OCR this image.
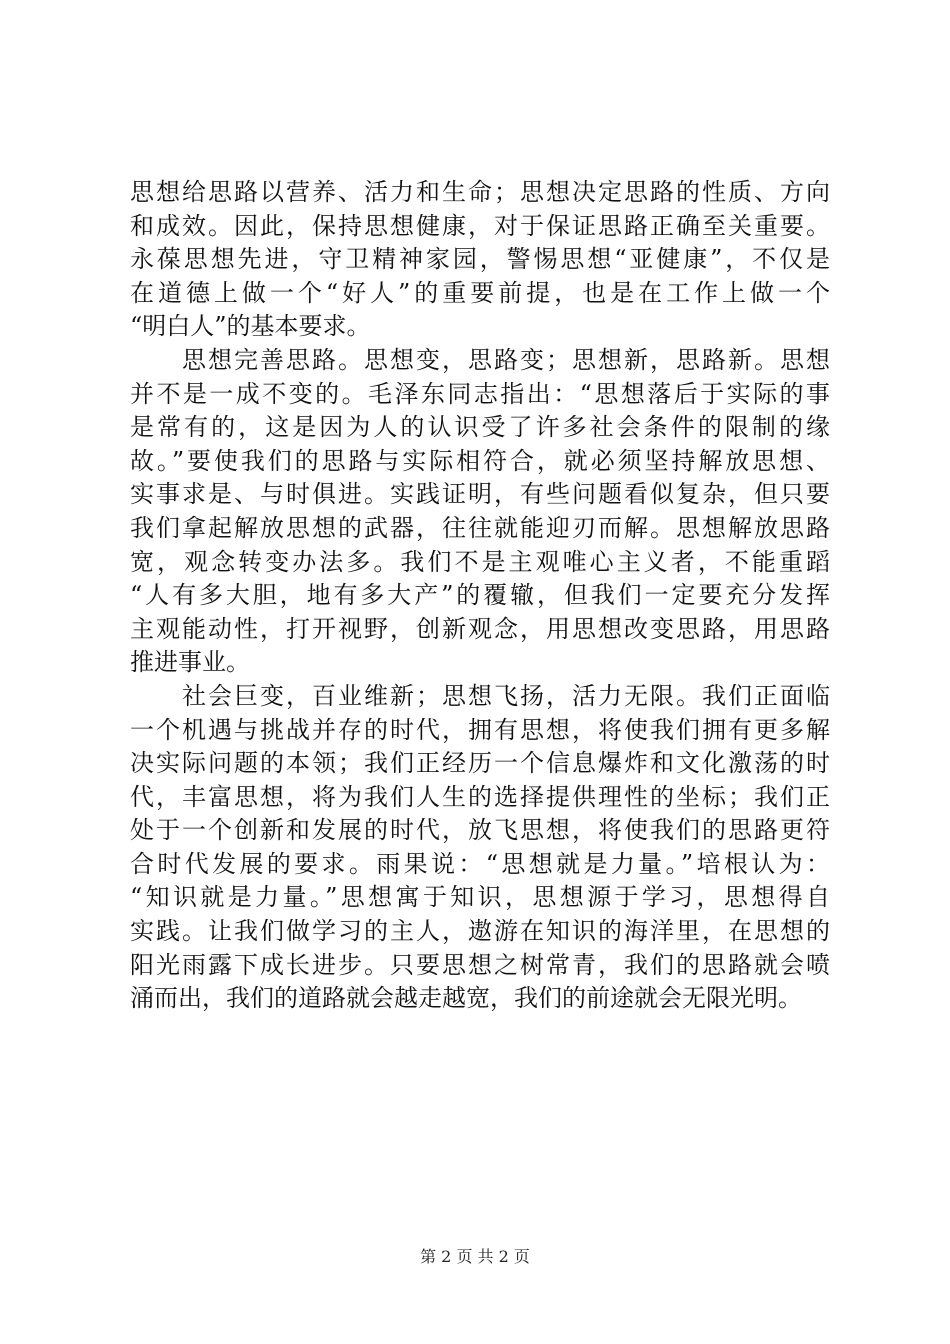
思想给思路以营养、活力和生命；思想决定思路的性质、方向
和成效。因此，保持思想健康，对于保证思路正确至关重要。
永葆思想先进，守卫精神家园，警惕思想“亚健康”，不仅是
在道德上做一个“好人”的重要前提，也是在工作上做一个
“明白人”的基本要求。
　　思想完善思路。思想变，思路变；思想新，思路新。思想
并不是一成不变的。毛泽东同志指出：“思想落后于实际的事
是常有的，这是因为人的认识受了许多社会条件的限制的缘
故。”要使我们的思路与实际相符合，就必须坚持解放思想、
实事求是、与时俱进。实践证明，有些问题看似复杂，但只要
我们拿起解放思想的武器，往往就能迎刃而解。思想解放思路
宽，观念转变办法多。我们不是主观唯心主义者，不能重蹈
“人有多大胆，地有多大产”的覆辙，但我们一定要充分发挥
主观能动性，打开视野，创新观念，用思想改变思路，用思路
推进事业。
　　社会巨变，百业维新；思想飞扬，活力无限。我们正面临
一个机遇与挑战并存的时代，拥有思想，将使我们拥有更多解
决实际问题的本领；我们正经历一个信息爆炸和文化激荡的时
代，丰富思想，将为我们人生的选择提供理性的坐标；我们正
处于一个创新和发展的时代，放飞思想，将使我们的思路更符
合时代发展的要求。雨果说：“思想就是力量。”培根认为：
“知识就是力量。”思想寓于知识，思想源于学习，思想得自
实践。让我们做学习的主人，遨游在知识的海洋里，在思想的
阳光雨露下成长进步。只要思想之树常青，我们的思路就会喷
涌而出，我们的道路就会越走越宽，我们的前途就会无限光明。
第 2 页 共 2 页
